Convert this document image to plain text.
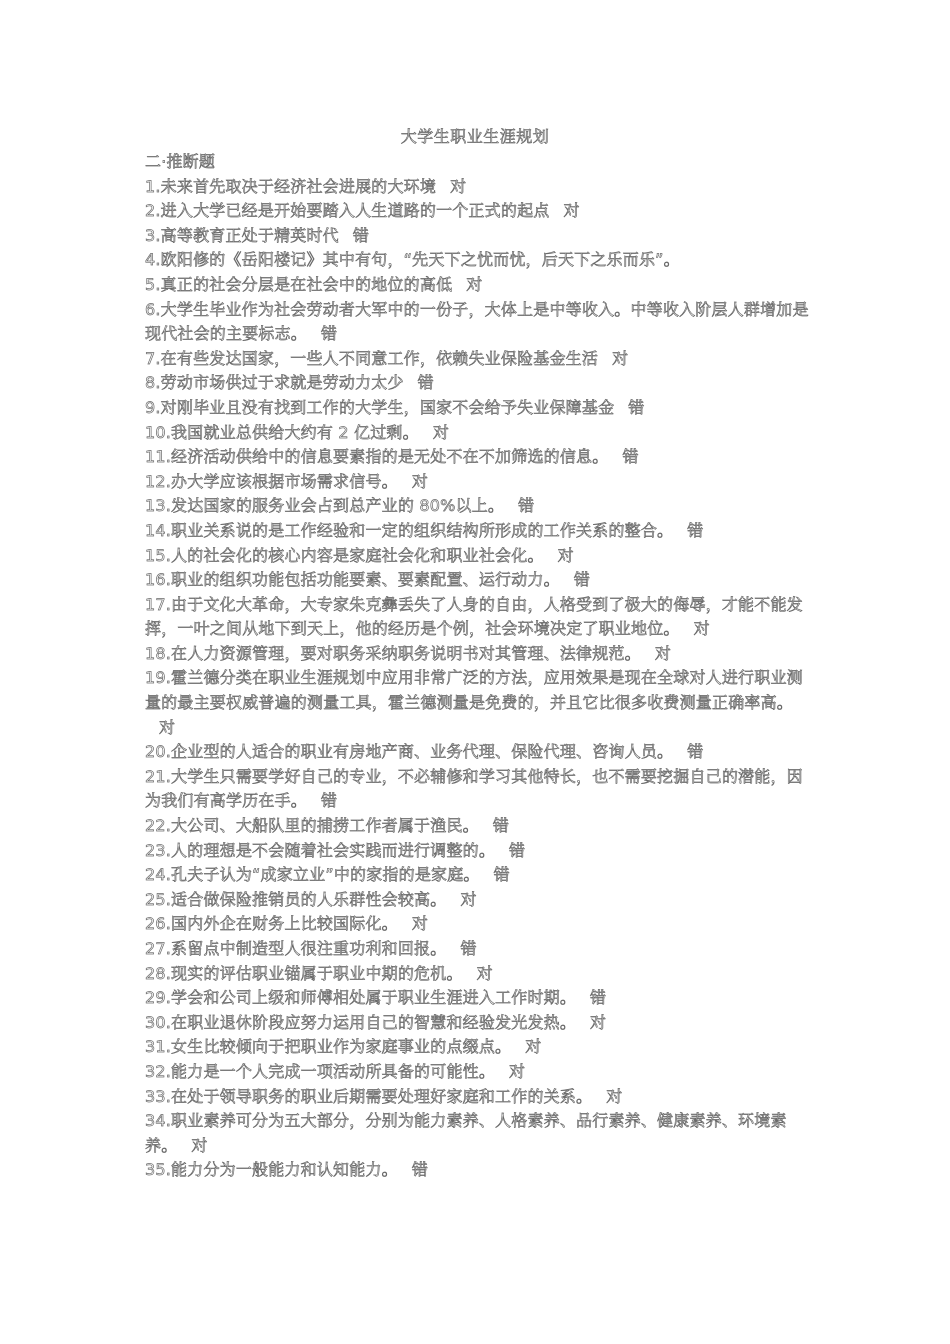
大学生职业生涯规划
二·推断题
1.未来首先取决于经济社会进展的大环境 对
2.进入大学已经是开始要踏入人生道路的一个正式的起点 对
3.高等教育正处于精英时代 错
4.欧阳修的《岳阳楼记》其中有句，“先天下之忧而忧，后天下之乐而乐”。
5.真正的社会分层是在社会中的地位的高低 对
6.大学生毕业作为社会劳动者大军中的一份子，大体上是中等收入。中等收入阶层人群增加是现代社会的主要标志。 错
7.在有些发达国家，一些人不同意工作，依赖失业保险基金生活 对
8.劳动市场供过于求就是劳动力太少 错
9.对刚毕业且没有找到工作的大学生，国家不会给予失业保障基金 错
10.我国就业总供给大约有 2 亿过剩。 对
11.经济活动供给中的信息要素指的是无处不在不加筛选的信息。 错
12.办大学应该根据市场需求信号。 对
13.发达国家的服务业会占到总产业的 80%以上。 错
14.职业关系说的是工作经验和一定的组织结构所形成的工作关系的整合。 错
15.人的社会化的核心内容是家庭社会化和职业社会化。 对
16.职业的组织功能包括功能要素、要素配置、运行动力。 错
17.由于文化大革命，大专家朱克彝丢失了人身的自由，人格受到了极大的侮辱，才能不能发挥，一叶之间从地下到天上，他的经历是个例，社会环境决定了职业地位。 对
18.在人力资源管理，要对职务采纳职务说明书对其管理、法律规范。 对
19.霍兰德分类在职业生涯规划中应用非常广泛的方法，应用效果是现在全球对人进行职业测量的最主要权威普遍的测量工具，霍兰德测量是免费的，并且它比很多收费测量正确率高。对
20.企业型的人适合的职业有房地产商、业务代理、保险代理、咨询人员。 错
21.大学生只需要学好自己的专业，不必辅修和学习其他特长，也不需要挖掘自己的潜能，因为我们有高学历在手。 错
22.大公司、大船队里的捕捞工作者属于渔民。 错
23.人的理想是不会随着社会实践而进行调整的。 错
24.孔夫子认为“成家立业”中的家指的是家庭。 错
25.适合做保险推销员的人乐群性会较高。 对
26.国内外企在财务上比较国际化。 对
27.系留点中制造型人很注重功利和回报。 错
28.现实的评估职业锚属于职业中期的危机。 对
29.学会和公司上级和师傅相处属于职业生涯进入工作时期。 错
30.在职业退休阶段应努力运用自己的智慧和经验发光发热。 对
31.女生比较倾向于把职业作为家庭事业的点缀点。 对
32.能力是一个人完成一项活动所具备的可能性。 对
33.在处于领导职务的职业后期需要处理好家庭和工作的关系。 对
34.职业素养可分为五大部分，分别为能力素养、人格素养、品行素养、健康素养、环境素养。 对
35.能力分为一般能力和认知能力。 错
